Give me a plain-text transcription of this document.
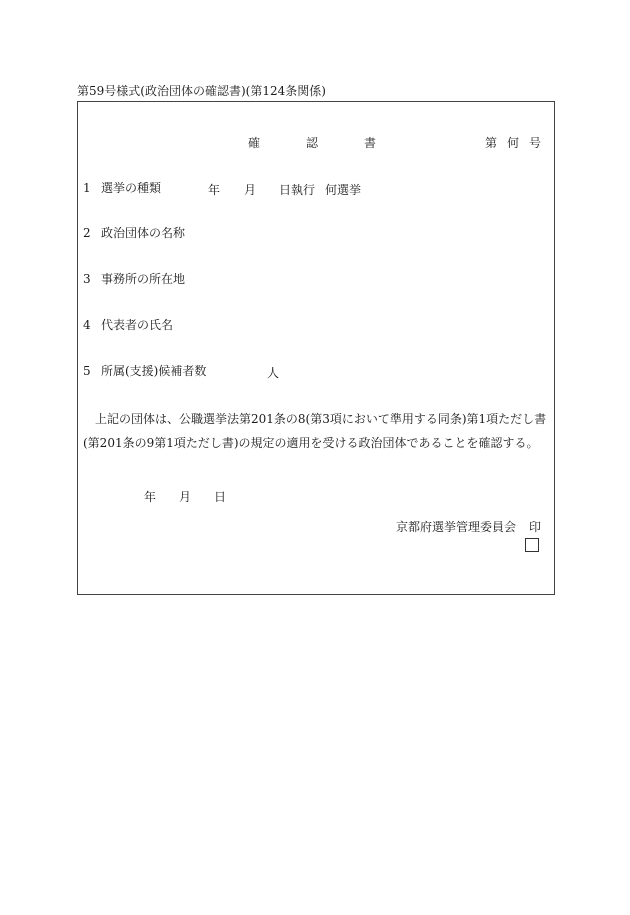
第59号様式(政治団体の確認書)(第124条関係)
確認書	第何号
1 選挙の種類	年 月 日執行 何選挙
2 政治団体の名称
3 事務所の所在地
4 代表者の氏名
5 所属(支援)候補者数	人

上記の団体は、公職選挙法第201条の8(第3項において準用する同条)第1項ただし書(第201条の9第1項ただし書)の規定の適用を受ける政治団体であることを確認する。

年 月 日
京都府選挙管理委員会 印
